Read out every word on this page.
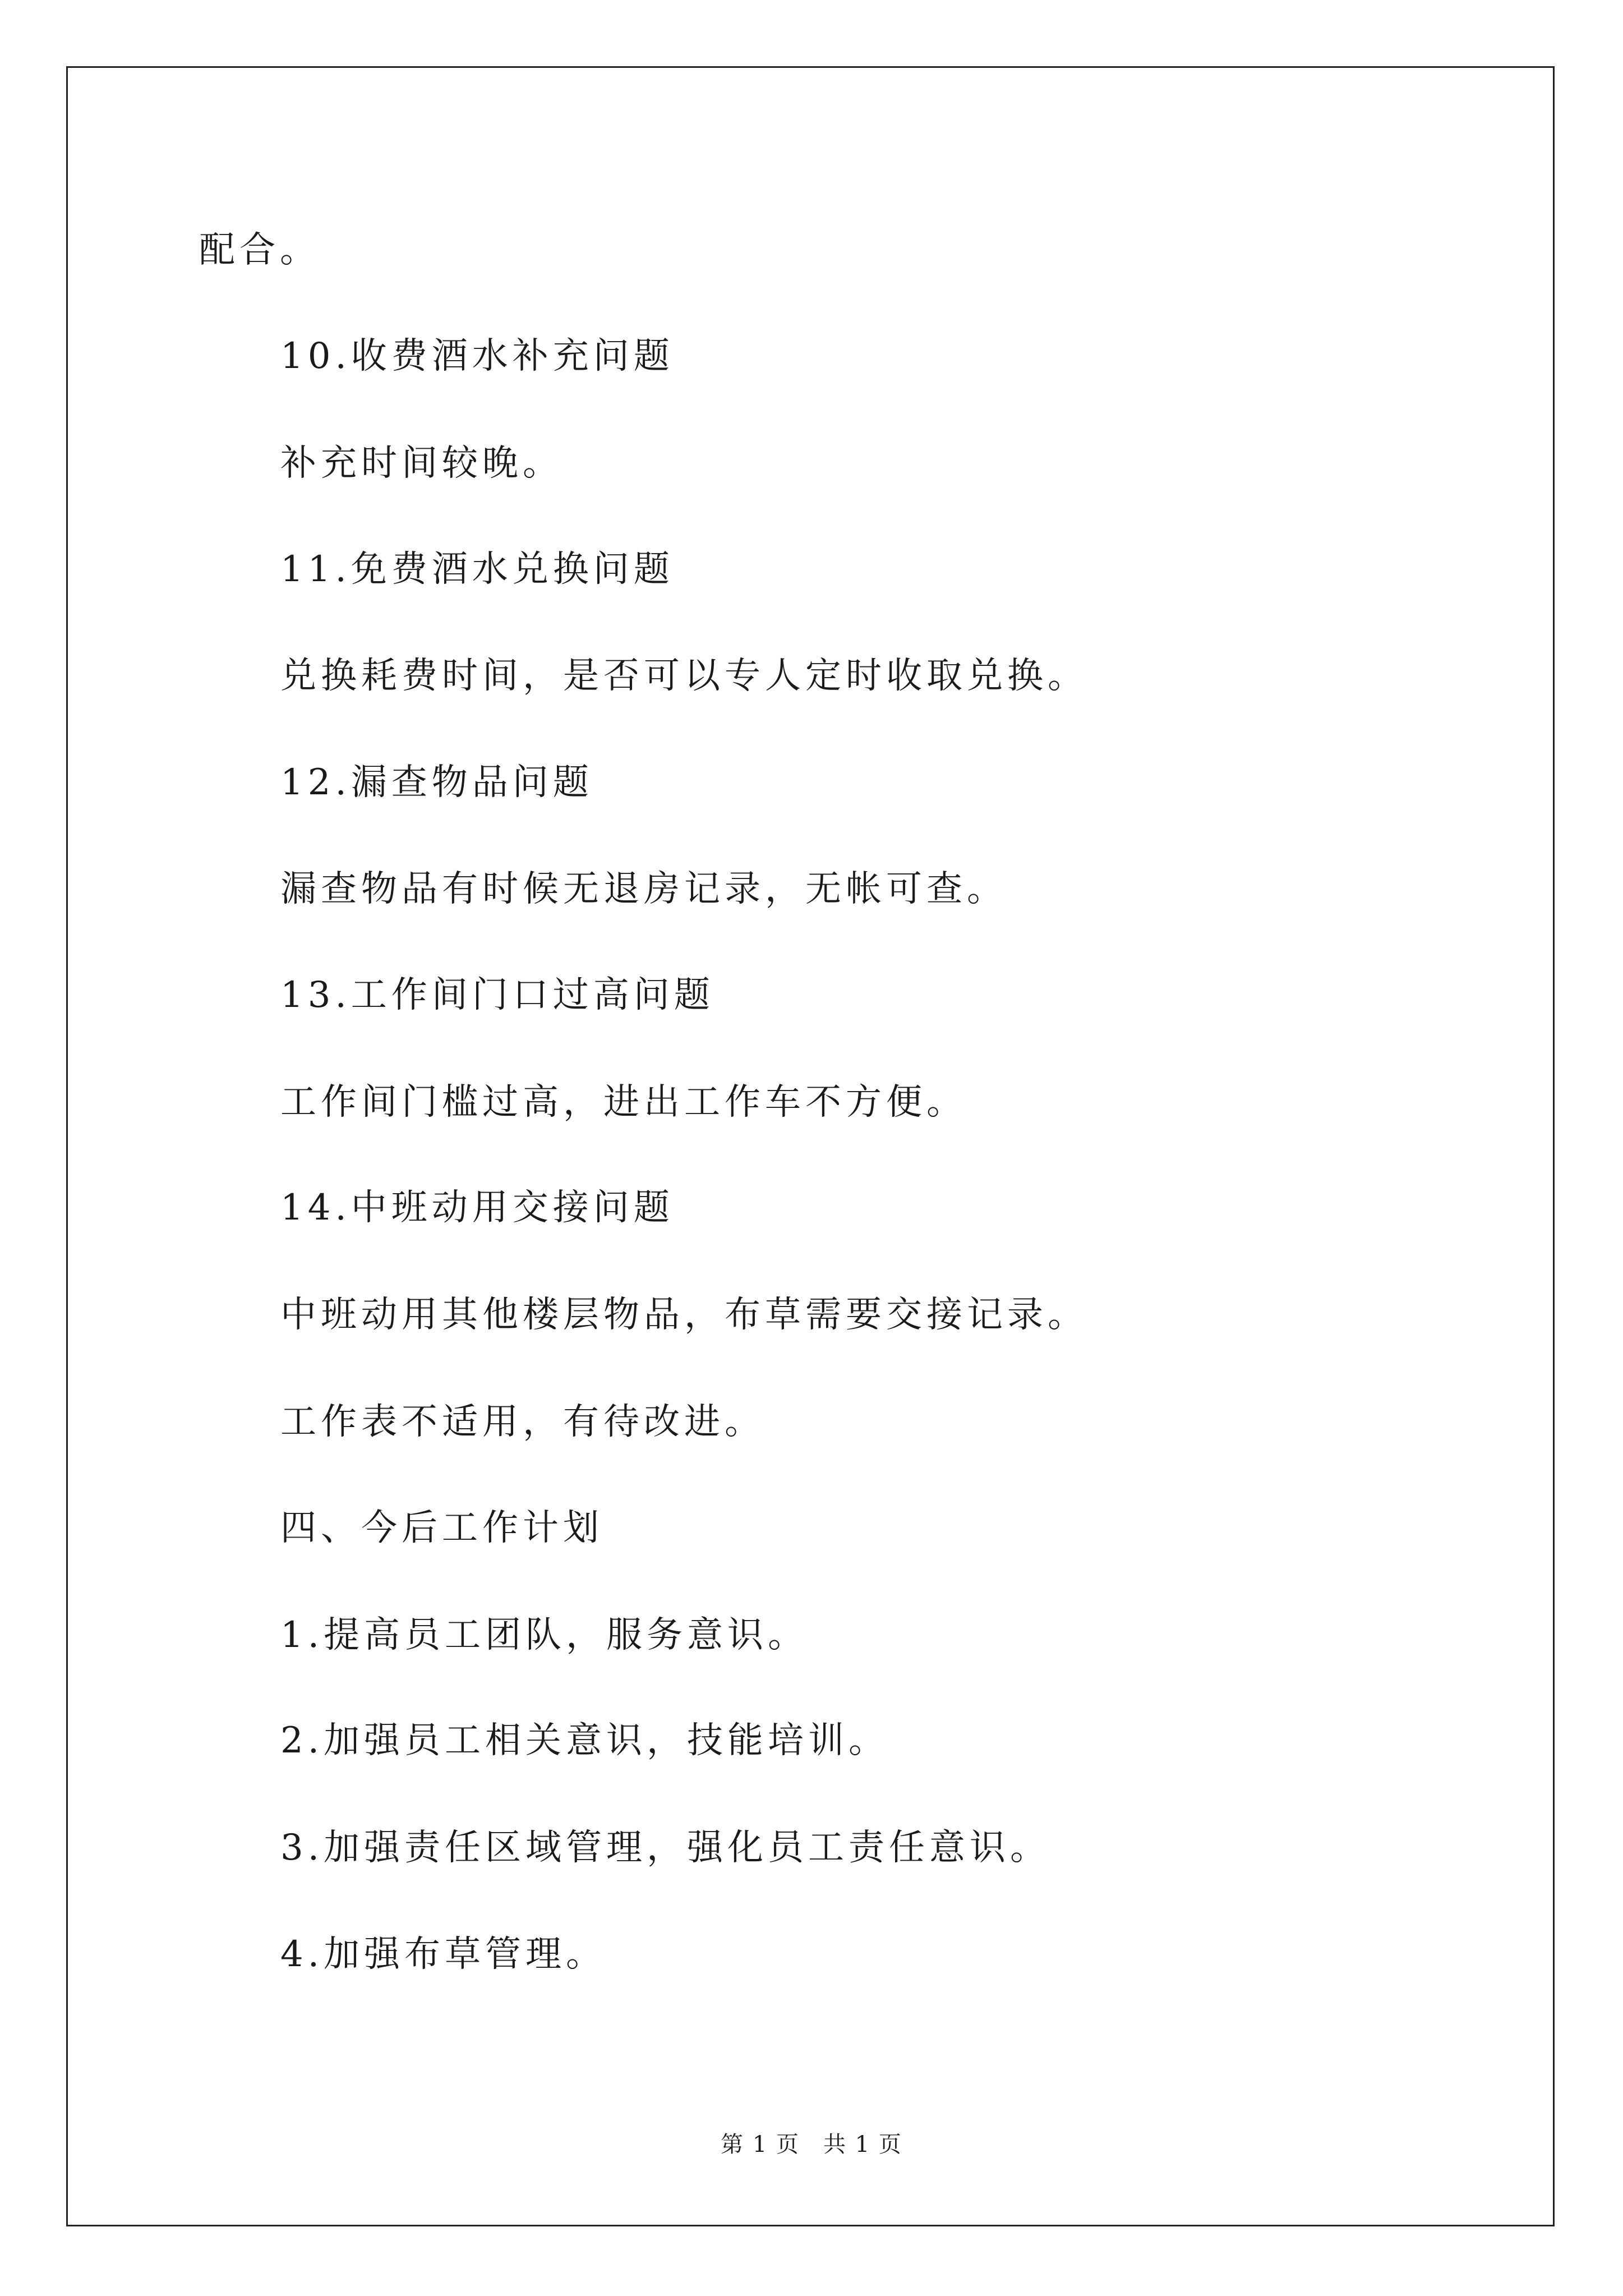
配合。
10.收费酒水补充问题
补充时间较晚。
11.免费酒水兑换问题
兑换耗费时间，是否可以专人定时收取兑换。
12.漏查物品问题
漏查物品有时候无退房记录，无帐可查。
13.工作间门口过高问题
工作间门槛过高，进出工作车不方便。
14.中班动用交接问题
中班动用其他楼层物品，布草需要交接记录。
工作表不适用，有待改进。
四、今后工作计划
1.提高员工团队，服务意识。
2.加强员工相关意识，技能培训。
3.加强责任区域管理，强化员工责任意识。
4.加强布草管理。
第 1 页　共 1 页
